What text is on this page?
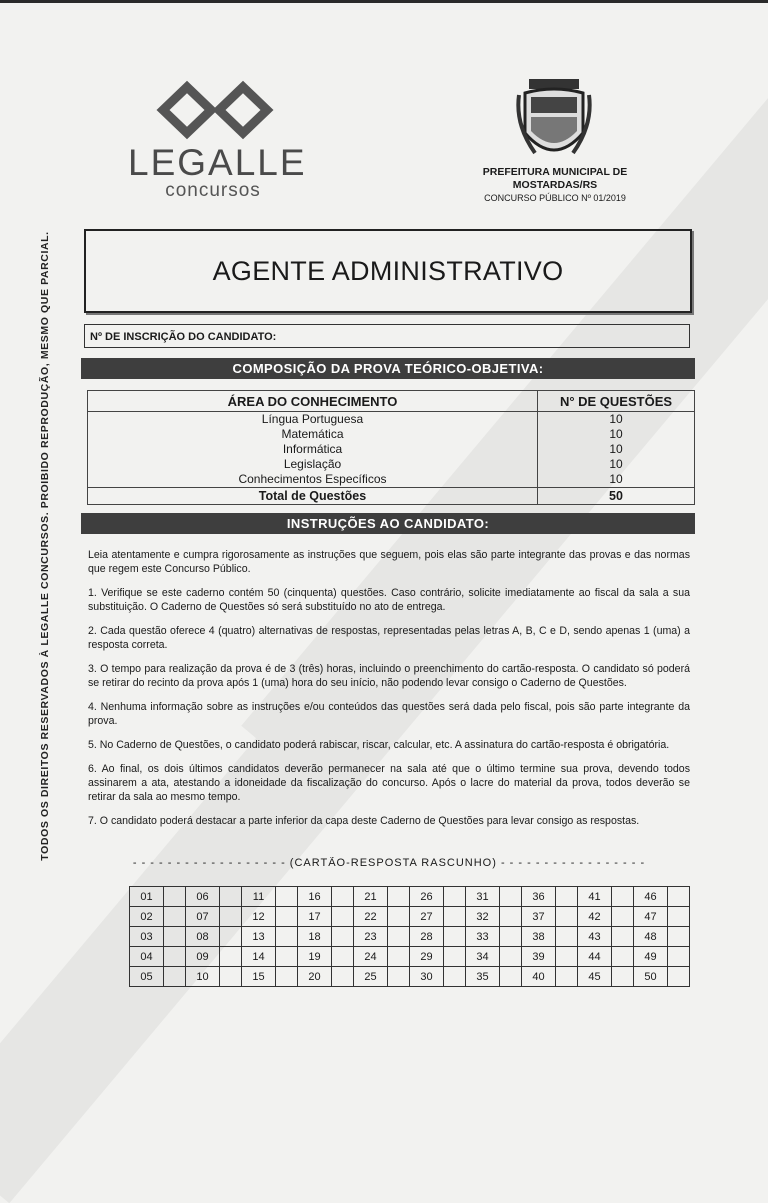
TODOS OS DIREITOS RESERVADOS À LEGALLE CONCURSOS. PROIBIDO REPRODUÇÃO, MESMO QUE PARCIAL.
LEGALLE
concursos
PREFEITURA MUNICIPAL DE
MOSTARDAS/RS
CONCURSO PÚBLICO Nº 01/2019
AGENTE ADMINISTRATIVO
Nº DE INSCRIÇÃO DO CANDIDATO:
COMPOSIÇÃO DA PROVA TEÓRICO-OBJETIVA:
ÁREA DO CONHECIMENTO	N° DE QUESTÕES
Língua Portuguesa	10
Matemática	10
Informática	10
Legislação	10
Conhecimentos Específicos	10
Total de Questões	50
INSTRUÇÕES AO CANDIDATO:

Leia atentamente e cumpra rigorosamente as instruções que seguem, pois elas são parte integrante das provas e das normas que regem este Concurso Público.

1. Verifique se este caderno contém 50 (cinquenta) questões. Caso contrário, solicite imediatamente ao fiscal da sala a sua substituição. O Caderno de Questões só será substituído no ato de entrega.

2. Cada questão oferece 4 (quatro) alternativas de respostas, representadas pelas letras A, B, C e D, sendo apenas 1 (uma) a resposta correta.

3. O tempo para realização da prova é de 3 (três) horas, incluindo o preenchimento do cartão-resposta. O candidato só poderá se retirar do recinto da prova após 1 (uma) hora do seu início, não podendo levar consigo o Caderno de Questões.

4. Nenhuma informação sobre as instruções e/ou conteúdos das questões será dada pelo fiscal, pois são parte integrante da prova.

5. No Caderno de Questões, o candidato poderá rabiscar, riscar, calcular, etc. A assinatura do cartão-resposta é obrigatória.

6. Ao final, os dois últimos candidatos deverão permanecer na sala até que o último termine sua prova, devendo todos assinarem a ata, atestando a idoneidade da fiscalização do concurso. Após o lacre do material da prova, todos deverão se retirar da sala ao mesmo tempo.

7. O candidato poderá destacar a parte inferior da capa deste Caderno de Questões para levar consigo as respostas.

- - - - - - - - - - - - - - - - - - (CARTÃO-RESPOSTA RASCUNHO) - - - - - - - - - - - - - - - - -
01		06		11		16		21		26		31		36		41		46	
02		07		12		17		22		27		32		37		42		47	
03		08		13		18		23		28		33		38		43		48	
04		09		14		19		24		29		34		39		44		49	
05		10		15		20		25		30		35		40		45		50	
